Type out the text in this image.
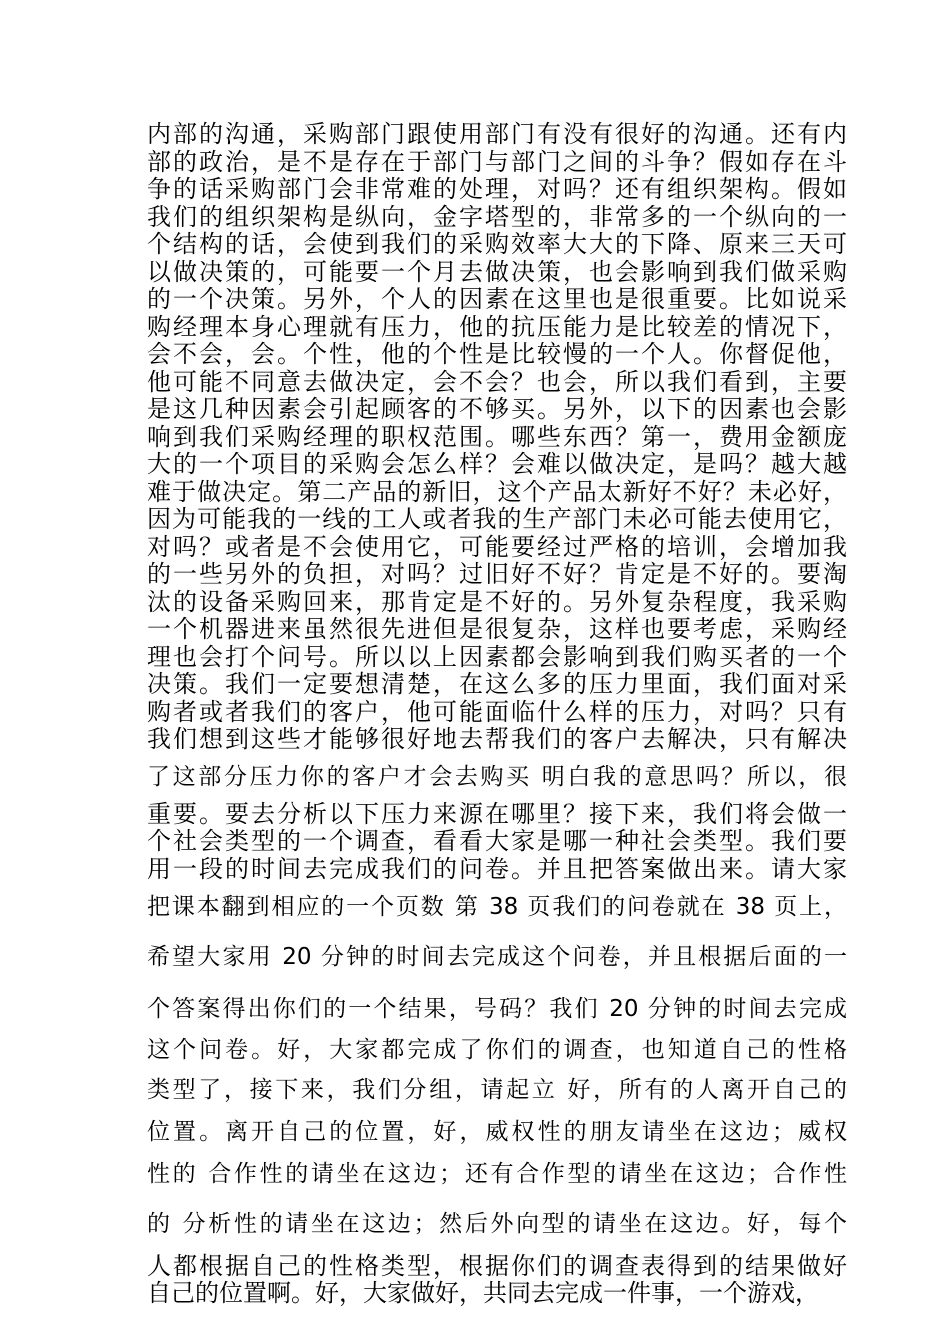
内部的沟通，采购部门跟使用部门有没有很好的沟通。还有内
部的政治，是不是存在于部门与部门之间的斗争？假如存在斗
争的话采购部门会非常难的处理，对吗？还有组织架构。假如
我们的组织架构是纵向，金字塔型的，非常多的一个纵向的一
个结构的话，会使到我们的采购效率大大的下降、原来三天可
以做决策的，可能要一个月去做决策，也会影响到我们做采购
的一个决策。另外，个人的因素在这里也是很重要。比如说采
购经理本身心理就有压力，他的抗压能力是比较差的情况下，
会不会，会。个性，他的个性是比较慢的一个人。你督促他，
他可能不同意去做决定，会不会？也会，所以我们看到，主要
是这几种因素会引起顾客的不够买。另外，以下的因素也会影
响到我们采购经理的职权范围。哪些东西？第一，费用金额庞
大的一个项目的采购会怎么样？会难以做决定，是吗？越大越
难于做决定。第二产品的新旧，这个产品太新好不好？未必好，
因为可能我的一线的工人或者我的生产部门未必可能去使用它，
对吗？或者是不会使用它，可能要经过严格的培训，会增加我
的一些另外的负担，对吗？过旧好不好？肯定是不好的。要淘
汰的设备采购回来，那肯定是不好的。另外复杂程度，我采购
一个机器进来虽然很先进但是很复杂，这样也要考虑，采购经
理也会打个问号。所以以上因素都会影响到我们购买者的一个
决策。我们一定要想清楚，在这么多的压力里面，我们面对采
购者或者我们的客户，他可能面临什么样的压力，对吗？只有
我们想到这些才能够很好地去帮我们的客户去解决，只有解决
了这部分压力你的客户才会去购买 明白我的意思吗？所以，很
重要。要去分析以下压力来源在哪里？接下来，我们将会做一
个社会类型的一个调查，看看大家是哪一种社会类型。我们要
用一段的时间去完成我们的问卷。并且把答案做出来。请大家
把课本翻到相应的一个页数 第 38 页我们的问卷就在 38 页上，
希望大家用 20 分钟的时间去完成这个问卷，并且根据后面的一
个答案得出你们的一个结果，号码？我们 20 分钟的时间去完成
这个问卷。好，大家都完成了你们的调查，也知道自己的性格
类型了，接下来，我们分组，请起立 好，所有的人离开自己的
位置。离开自己的位置，好，威权性的朋友请坐在这边；威权
性的 合作性的请坐在这边；还有合作型的请坐在这边；合作性
的 分析性的请坐在这边；然后外向型的请坐在这边。好，每个
人都根据自己的性格类型，根据你们的调查表得到的结果做好
自己的位置啊。好，大家做好，共同去完成一件事，一个游戏，
